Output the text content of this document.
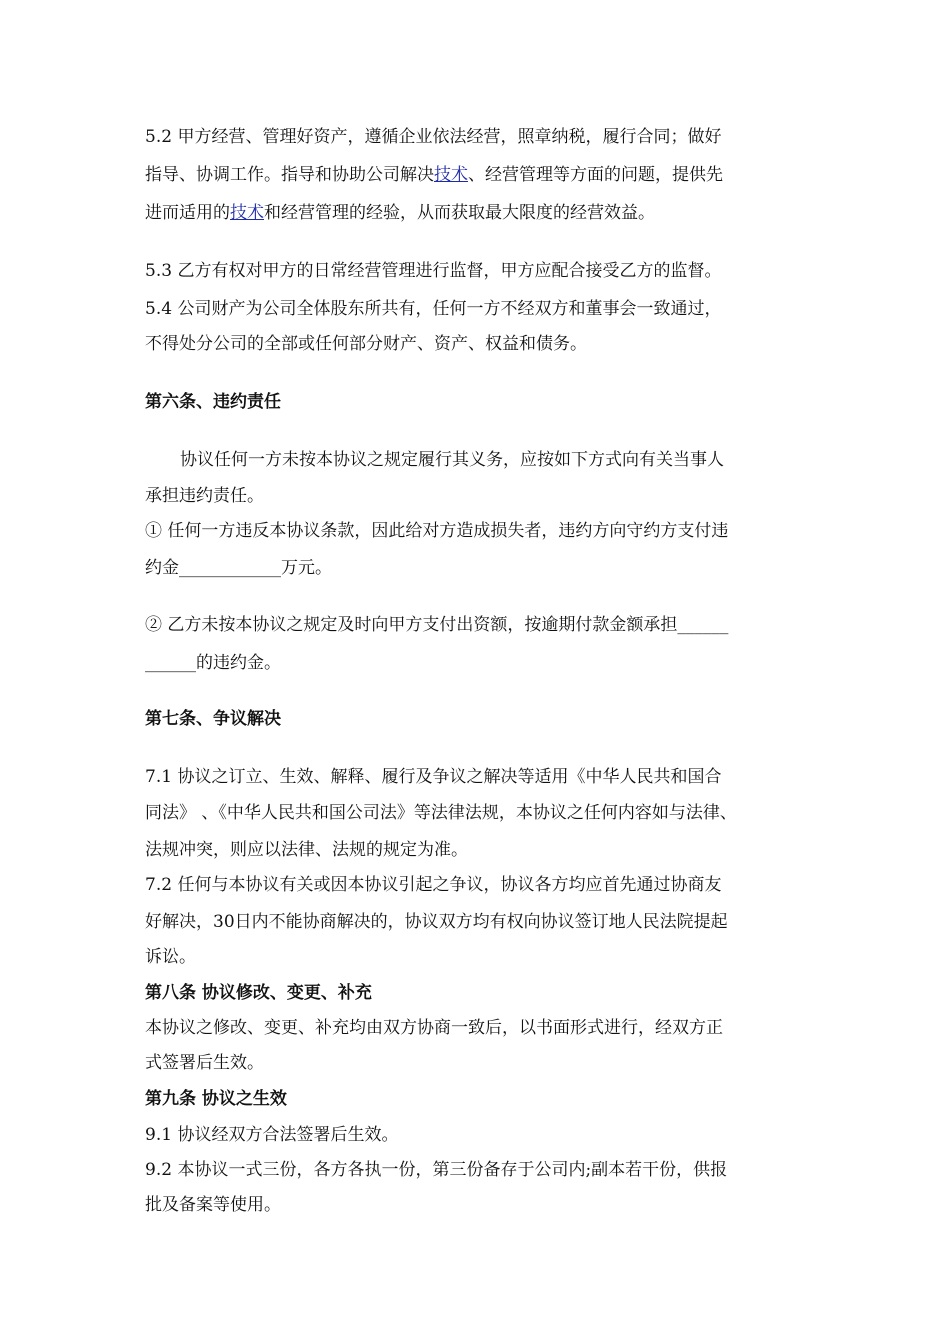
5.2 甲方经营、管理好资产，遵循企业依法经营，照章纳税，履行合同；做好
指导、协调工作。指导和协助公司解决技术、经营管理等方面的问题，提供先
进而适用的技术和经营管理的经验，从而获取最大限度的经营效益。
5.3 乙方有权对甲方的日常经营管理进行监督，甲方应配合接受乙方的监督。
5.4 公司财产为公司全体股东所共有，任何一方不经双方和董事会一致通过，
不得处分公司的全部或任何部分财产、资产、权益和债务。
第六条、违约责任
协议任何一方未按本协议之规定履行其义务，应按如下方式向有关当事人
承担违约责任。
① 任何一方违反本协议条款，因此给对方造成损失者，违约方向守约方支付违
约金____________万元。
② 乙方未按本协议之规定及时向甲方支付出资额，按逾期付款金额承担______
______的违约金。
第七条、争议解决
7.1 协议之订立、生效、解释、履行及争议之解决等适用《中华人民共和国合
同法》 、《中华人民共和国公司法》等法律法规，本协议之任何内容如与法律、
法规冲突，则应以法律、法规的规定为准。
7.2 任何与本协议有关或因本协议引起之争议，协议各方均应首先通过协商友
好解决，30日内不能协商解决的，协议双方均有权向协议签订地人民法院提起
诉讼。
第八条 协议修改、变更、补充
本协议之修改、变更、补充均由双方协商一致后，以书面形式进行，经双方正
式签署后生效。
第九条 协议之生效
9.1 协议经双方合法签署后生效。
9.2 本协议一式三份，各方各执一份，第三份备存于公司内;副本若干份，供报
批及备案等使用。
